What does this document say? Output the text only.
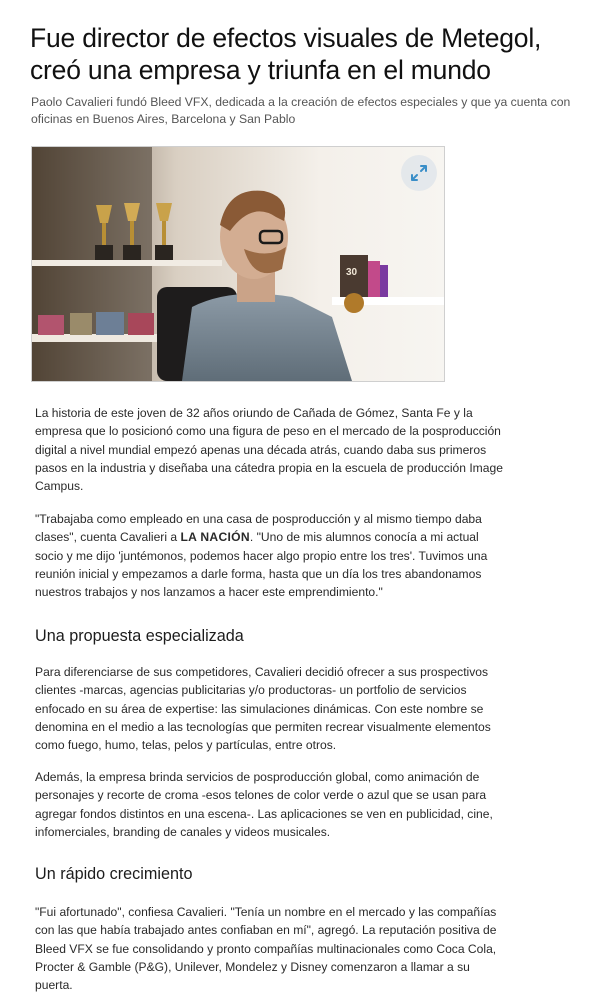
Fue director de efectos visuales de Metegol, creó una empresa y triunfa en el mundo

Paolo Cavalieri fundó Bleed VFX, dedicada a la creación de efectos especiales y que ya cuenta con oficinas en Buenos Aires, Barcelona y San Pablo

30

La historia de este joven de 32 años oriundo de Cañada de Gómez, Santa Fe y la empresa que lo posicionó como una figura de peso en el mercado de la posproducción digital a nivel mundial empezó apenas una década atrás, cuando daba sus primeros pasos en la industria y diseñaba una cátedra propia en la escuela de producción Image Campus.

"Trabajaba como empleado en una casa de posproducción y al mismo tiempo daba clases", cuenta Cavalieri a LA NACIÓN. "Uno de mis alumnos conocía a mi actual socio y me dijo 'juntémonos, podemos hacer algo propio entre los tres'. Tuvimos una reunión inicial y empezamos a darle forma, hasta que un día los tres abandonamos nuestros trabajos y nos lanzamos a hacer este emprendimiento."

Una propuesta especializada

Para diferenciarse de sus competidores, Cavalieri decidió ofrecer a sus prospectivos clientes -marcas, agencias publicitarias y/o productoras- un portfolio de servicios enfocado en su área de expertise: las simulaciones dinámicas. Con este nombre se denomina en el medio a las tecnologías que permiten recrear visualmente elementos como fuego, humo, telas, pelos y partículas, entre otros.

Además, la empresa brinda servicios de posproducción global, como animación de personajes y recorte de croma -esos telones de color verde o azul que se usan para agregar fondos distintos en una escena-. Las aplicaciones se ven en publicidad, cine, infomerciales, branding de canales y videos musicales.

Un rápido crecimiento

"Fui afortunado", confiesa Cavalieri. "Tenía un nombre en el mercado y las compañías con las que había trabajado antes confiaban en mí", agregó. La reputación positiva de Bleed VFX se fue consolidando y pronto compañías multinacionales como Coca Cola, Procter & Gamble (P&G), Unilever, Mondelez y Disney comenzaron a llamar a su puerta.
